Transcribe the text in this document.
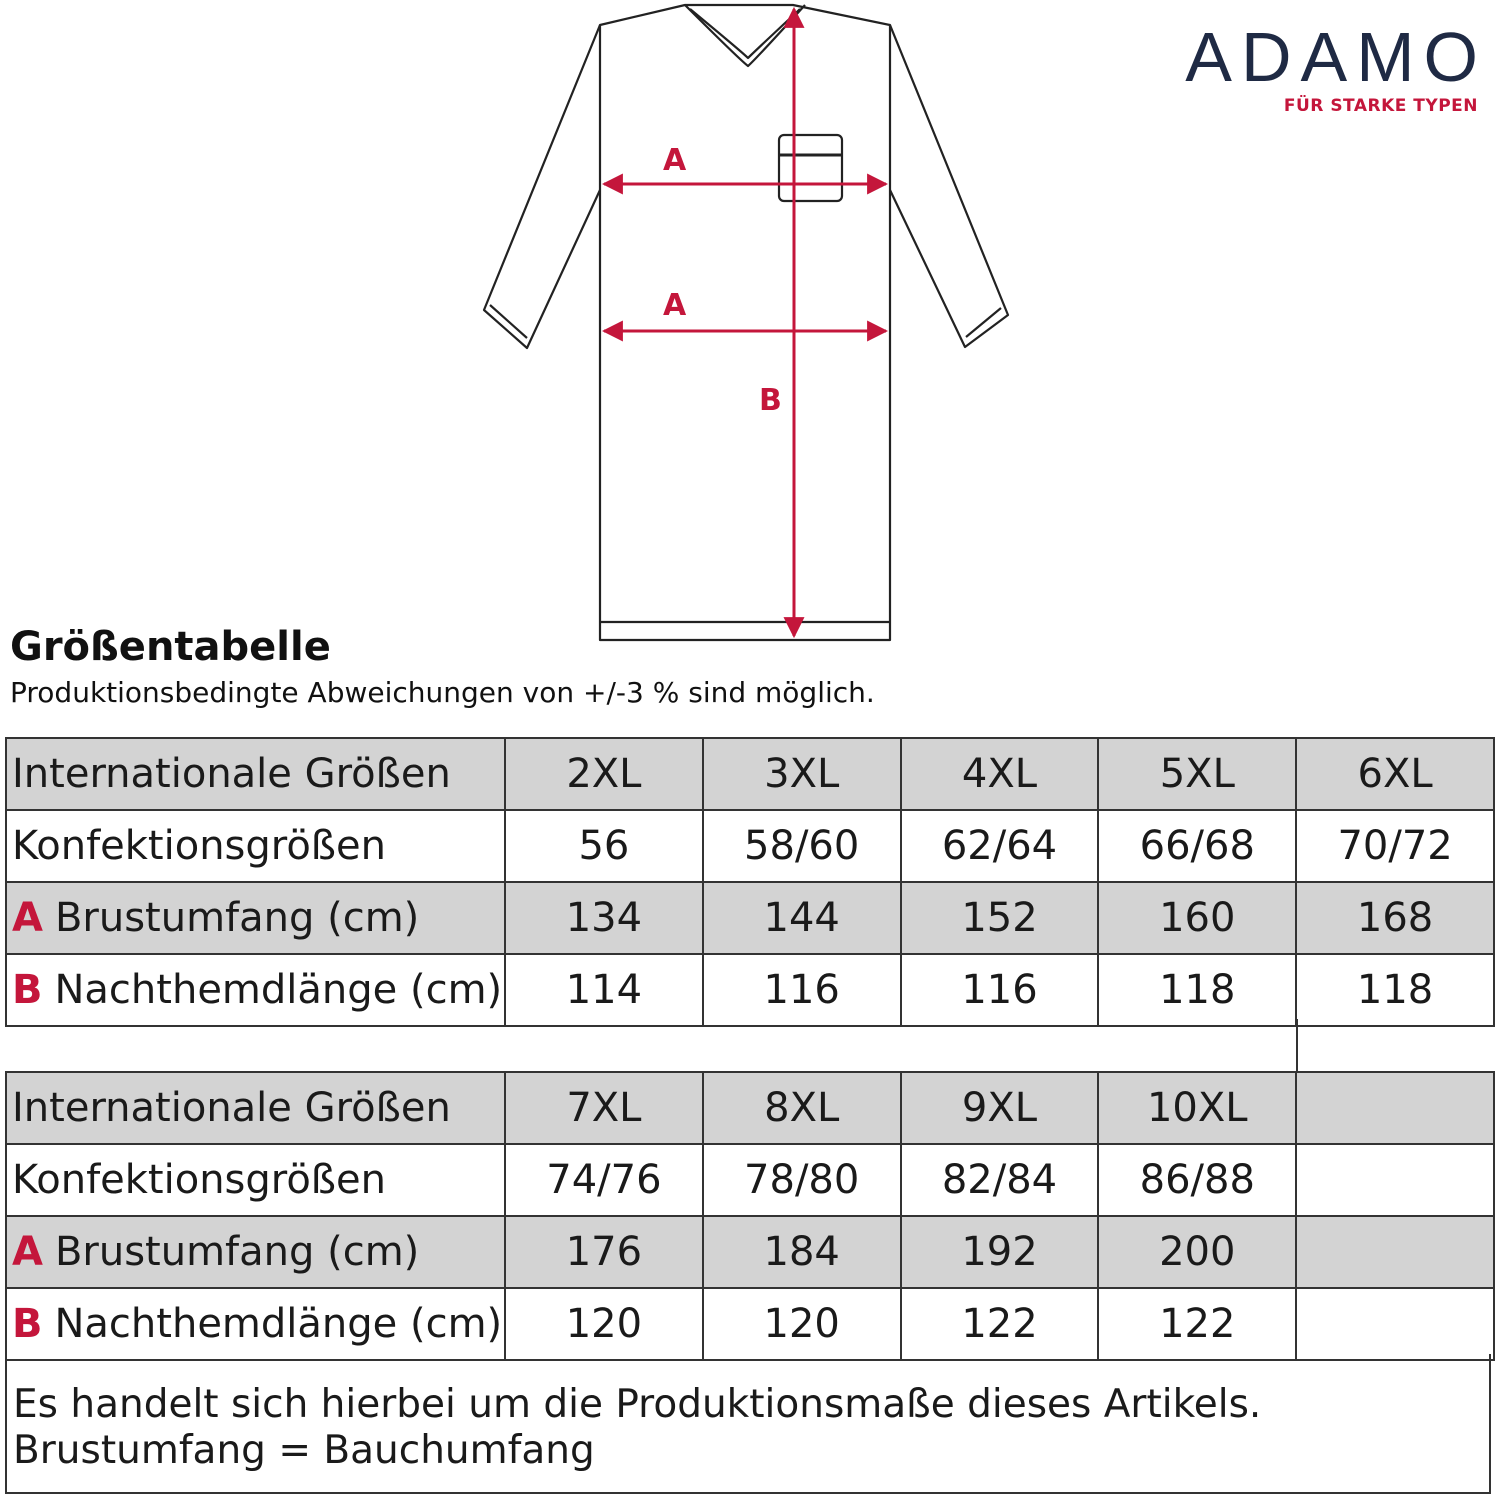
A
A
B
ADAMO
FÜR STARKE TYPEN
Größentabelle
Produktionsbedingte Abweichungen von +/-3 % sind möglich.
Internationale Größen	2XL	3XL	4XL	5XL	6XL
Konfektionsgrößen	56	58/60	62/64	66/68	70/72
A Brustumfang (cm)	134	144	152	160	168
B Nachthemdlänge (cm)	114	116	116	118	118
Internationale Größen	7XL	8XL	9XL	10XL	
Konfektionsgrößen	74/76	78/80	82/84	86/88	
A Brustumfang (cm)	176	184	192	200	
B Nachthemdlänge (cm)	120	120	122	122	
Es handelt sich hierbei um die Produktionsmaße dieses Artikels.
Brustumfang = Bauchumfang
